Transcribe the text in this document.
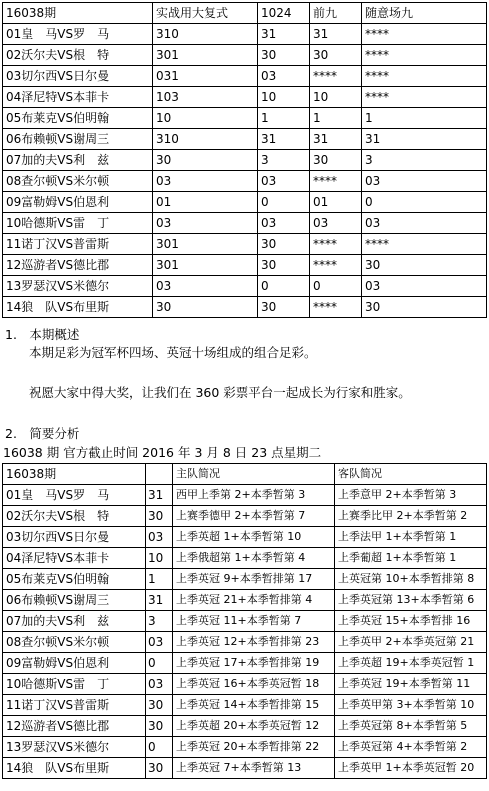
16038期	实战用大复式	1024	前九	随意场九
01皇　马VS罗　马	310	31	31	****
02沃尔夫VS根　特	301	30	30	****
03切尔西VS日尔曼	031	03	****	****
04泽尼特VS本菲卡	103	10	10	****
05布莱克VS伯明翰	10	1	1	1
06布赖顿VS谢周三	310	31	31	31
07加的夫VS利　兹	30	3	30	3
08查尔顿VS米尔顿	03	03	****	03
09富勒姆VS伯恩利	01	0	01	0
10哈德斯VS雷　丁	03	03	03	03
11诺丁汉VS普雷斯	301	30	****	****
12巡游者VS德比郡	301	30	****	30
13罗瑟汉VS米德尔	03	0	0	03
14狼　队VS布里斯	30	30	****	30
1.　本期概述
本期足彩为冠军杯四场、英冠十场组成的组合足彩。
祝愿大家中得大奖，让我们在 360 彩票平台一起成长为行家和胜家。
2.　简要分析
16038 期 官方截止时间 2016 年 3 月 8 日 23 点星期二
16038期		主队简况	客队简况
01皇　马VS罗　马	31	西甲上季第 2+本季暂第 3	上季意甲 2+本季暂第 3
02沃尔夫VS根　特	30	上赛季德甲 2+本季暂第 7	上赛季比甲 2+本季暂第 2
03切尔西VS日尔曼	03	上季英超 1+本季暂第 10	上季法甲 1+本季暂第 1
04泽尼特VS本菲卡	10	上季俄超第 1+本季暂第 4	上季葡超 1+本季暂第 1
05布莱克VS伯明翰	1	上季英冠 9+本季暂排第 17	上英冠第 10+本季暂排第 8
06布赖顿VS谢周三	31	上季英冠 21+本季暂排第 4	上季英冠第 13+本季暂第 6
07加的夫VS利　兹	3	上季英冠 11+本季暂第 7	上季英冠 15+本季暂排 16
08查尔顿VS米尔顿	03	上季英冠 12+本季暂排第 23	上季英甲 2+本季英冠第 21
09富勒姆VS伯恩利	0	上季英冠 17+本季暂排第 19	上季英超 19+本季英冠暂 1
10哈德斯VS雷　丁	03	上季英冠 16+本季英冠暂 18	上季英冠 19+本季暂第 11
11诺丁汉VS普雷斯	30	上季英冠 14+本季暂排第 15	上季英甲第 3+本季暂第 10
12巡游者VS德比郡	30	上季英超 20+本季英冠暂 12	上季英冠第 8+本季暂第 5
13罗瑟汉VS米德尔	0	上季英冠 20+本季暂排第 22	上季英冠第 4+本季暂第 2
14狼　队VS布里斯	30	上季英冠 7+本季暂第 13	上季英甲 1+本季英冠暂 20
